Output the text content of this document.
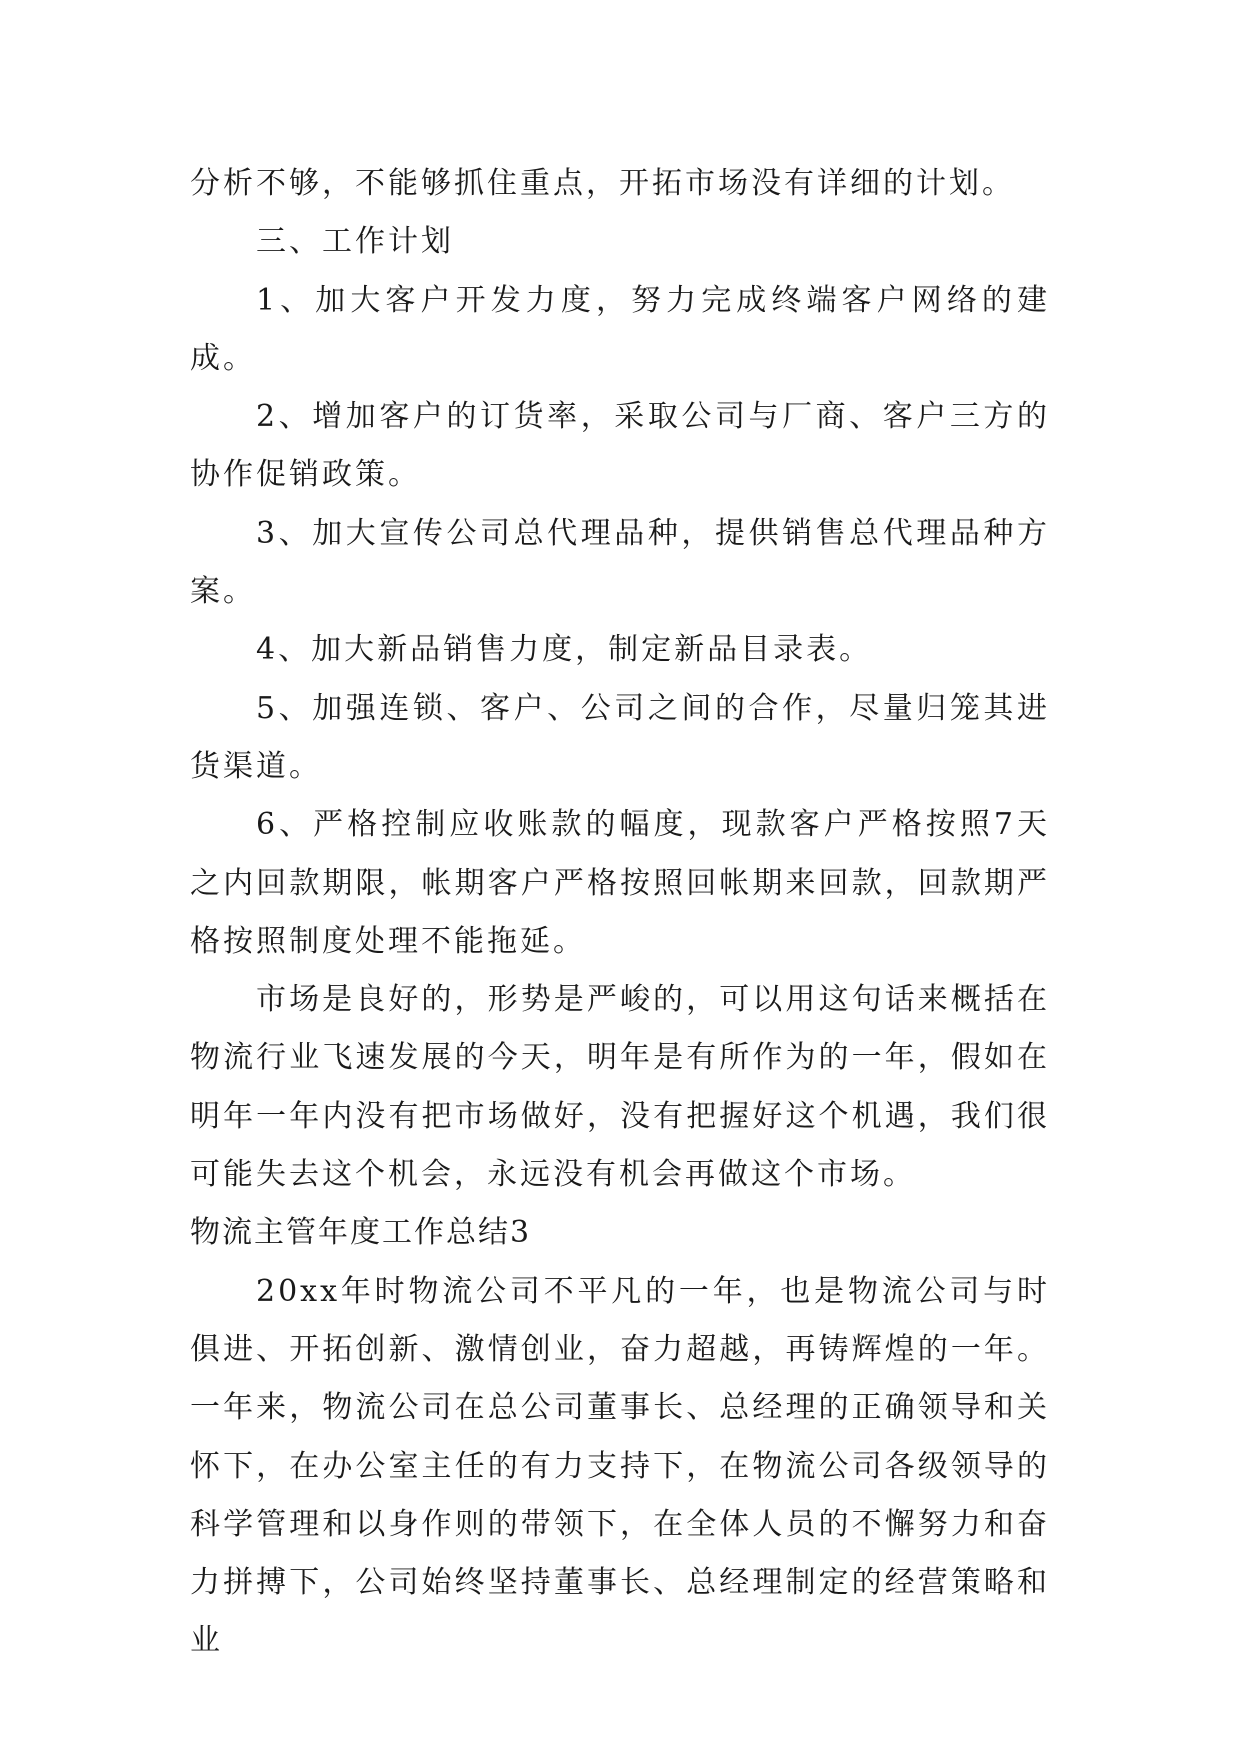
分析不够，不能够抓住重点，开拓市场没有详细的计划。

三、工作计划

1、加大客户开发力度，努力完成终端客户网络的建成。

2、增加客户的订货率，采取公司与厂商、客户三方的协作促销政策。

3、加大宣传公司总代理品种，提供销售总代理品种方案。

4、加大新品销售力度，制定新品目录表。

5、加强连锁、客户、公司之间的合作，尽量归笼其进货渠道。

6、严格控制应收账款的幅度，现款客户严格按照7天之内回款期限，帐期客户严格按照回帐期来回款，回款期严格按照制度处理不能拖延。

市场是良好的，形势是严峻的，可以用这句话来概括在物流行业飞速发展的今天，明年是有所作为的一年，假如在明年一年内没有把市场做好，没有把握好这个机遇，我们很可能失去这个机会，永远没有机会再做这个市场。

物流主管年度工作总结3

20xx年时物流公司不平凡的一年，也是物流公司与时俱进、开拓创新、激情创业，奋力超越，再铸辉煌的一年。一年来，物流公司在总公司董事长、总经理的正确领导和关怀下，在办公室主任的有力支持下，在物流公司各级领导的科学管理和以身作则的带领下，在全体人员的不懈努力和奋力拼搏下，公司始终坚持董事长、总经理制定的经营策略和业
